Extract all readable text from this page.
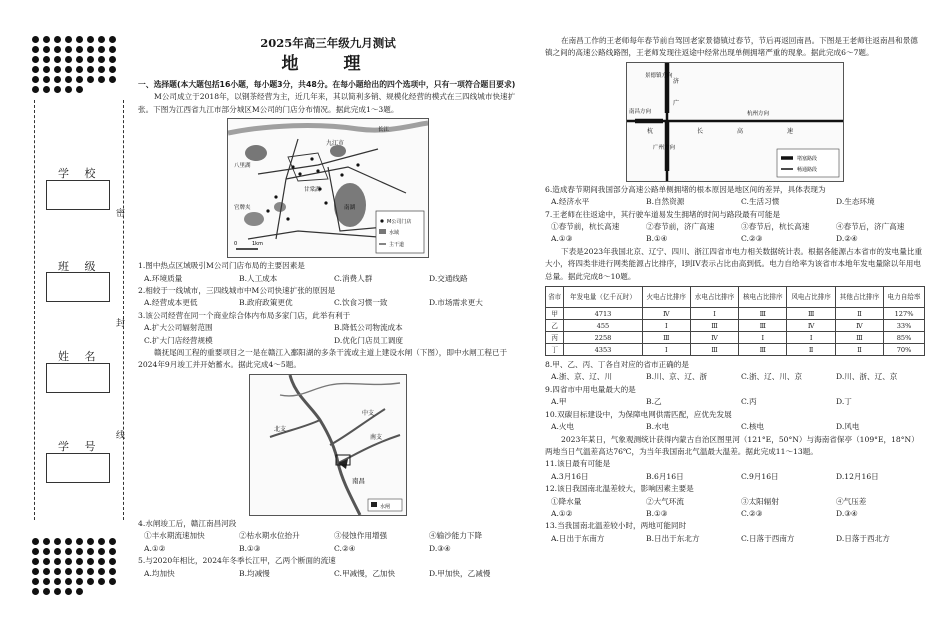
学 校
班 级
姓 名
学 号
密
封
线

2025年高三年级九月测试

地　理

一、选择题(本大题包括16小题，每小题3分，共48分。在每小题给出的四个选项中，只有一项符合题目要求)

M公司成立于2018年，以钢茶经营为主，近几年来，其以简利多销、规模化经营的模式在三四线城市快速扩张。下图为江西省九江市部分城区M公司的门店分布情况。据此完成1～3题。

九江市
八里湖
甘棠湖
南湖
官牌夹
长江
M公司门店
水域
主干道
0	1km

1.图中热点区域吸引M公司门店布局的主要因素是

A.环境质量	B.人工成本	C.消费人群	D.交通线路

2.相较于一线城市，三四线城市中M公司快速扩张的原因是

A.经营成本更低	B.政府政策更优	C.饮食习惯一致	D.市场需求更大

3.该公司经营在同一个商业综合体内布局多家门店，此举有利于

A.扩大公司辐射范围	B.降低公司物流成本
C.扩大门店经营规模	D.优化门店员工调度

赣抚尾闾工程的重要项目之一是在赣江入鄱阳湖的多条干流或主道上建设水闸（下图），即中水闸工程已于2024年9月竣工并开始蓄水。据此完成4～5题。

南昌
南支
北支
中支
水闸

4.水闸竣工后，赣江南昌河段

①丰水期流速加快	②枯水期水位抬升	③侵蚀作用增强	④输沙能力下降
A.①②	B.①③	C.②④	D.③④

5.与2020年相比，2024年冬季长江甲，乙两个断面的流速

A.均加快	B.均减慢	C.甲减慢，乙加快	D.甲加快，乙减慢

在南昌工作的王老师每年春节前自驾回老家景德镇过春节，节后再返回南昌。下图是王老师往返南昌和景德镇之间的高速公路线路图，王老师发现往返途中经常出现单侧拥堵严重的现象。据此完成6～7题。

景德镇方向
南昌方向	杭州方向
广州方向
济
广
杭	长	高	速
堵塞路段
畅通路段

6.造成春节期间我国部分高速公路单侧拥堵的根本原因是地区间的差异，具体表现为

A.经济水平	B.自然资源	C.生活习惯	D.生态环境

7.王老师在往返途中，其行驶车道易发生拥堵的时间与路段最有可能是

①春节前，杭长高速	②春节前，济广高速	③春节后，杭长高速	④春节后，济广高速
A.①③	B.①④	C.②③	D.②④

下表是2023年我国北京、辽宁、四川、浙江四省市电力相关数据统计表。根据各能源占本省市的发电量比重大小，将四类非进行网类能源占比排序，I到IV表示占比由高到低。电力自给率为该省市本地年发电量除以年用电总量。据此完成8～10题。

省市	年发电量（亿千瓦时）	火电占比排序	水电占比排序	核电占比排序	风电占比排序	其他占比排序	电力自给率
甲	4713	Ⅳ	Ⅰ	Ⅲ	Ⅲ	Ⅱ	127%
乙	455	Ⅰ	Ⅲ	Ⅲ	Ⅳ	Ⅳ	33%
丙	2258	Ⅲ	Ⅳ	Ⅰ	Ⅰ	Ⅲ	85%
丁	4353	Ⅰ	Ⅲ	Ⅲ	Ⅱ	Ⅱ	70%

8.甲、乙、丙、丁各自对应的省市正确的是

A.浙、京、辽、川	B.川、京、辽、浙	C.浙、辽、川、京	D.川、浙、辽、京

9.四省市中用电量最大的是

A.甲	B.乙	C.丙	D.丁

10.双碳目标建设中，为保障电网供需匹配，应优先发展

A.火电	B.水电	C.核电	D.风电

2023年某日，气象观测统计获得内蒙古自治区图里河（121°E，50°N）与海南省保亭（109°E，18°N）两地当日气温差高达76℃，为当年我国南北气温最大温差。据此完成11～13题。

11.该日最有可能是

A.3月16日	B.6月16日	C.9月16日	D.12月16日

12.该日我国南北温差较大，影响因素主要是

①降水量	②大气环流	③太阳辐射	④气压差
A.①②	B.①③	C.②③	D.③④

13.当我国南北温差较小时，两地可能同时

A.日出于东南方	B.日出于东北方	C.日落于西南方	D.日落于西北方
